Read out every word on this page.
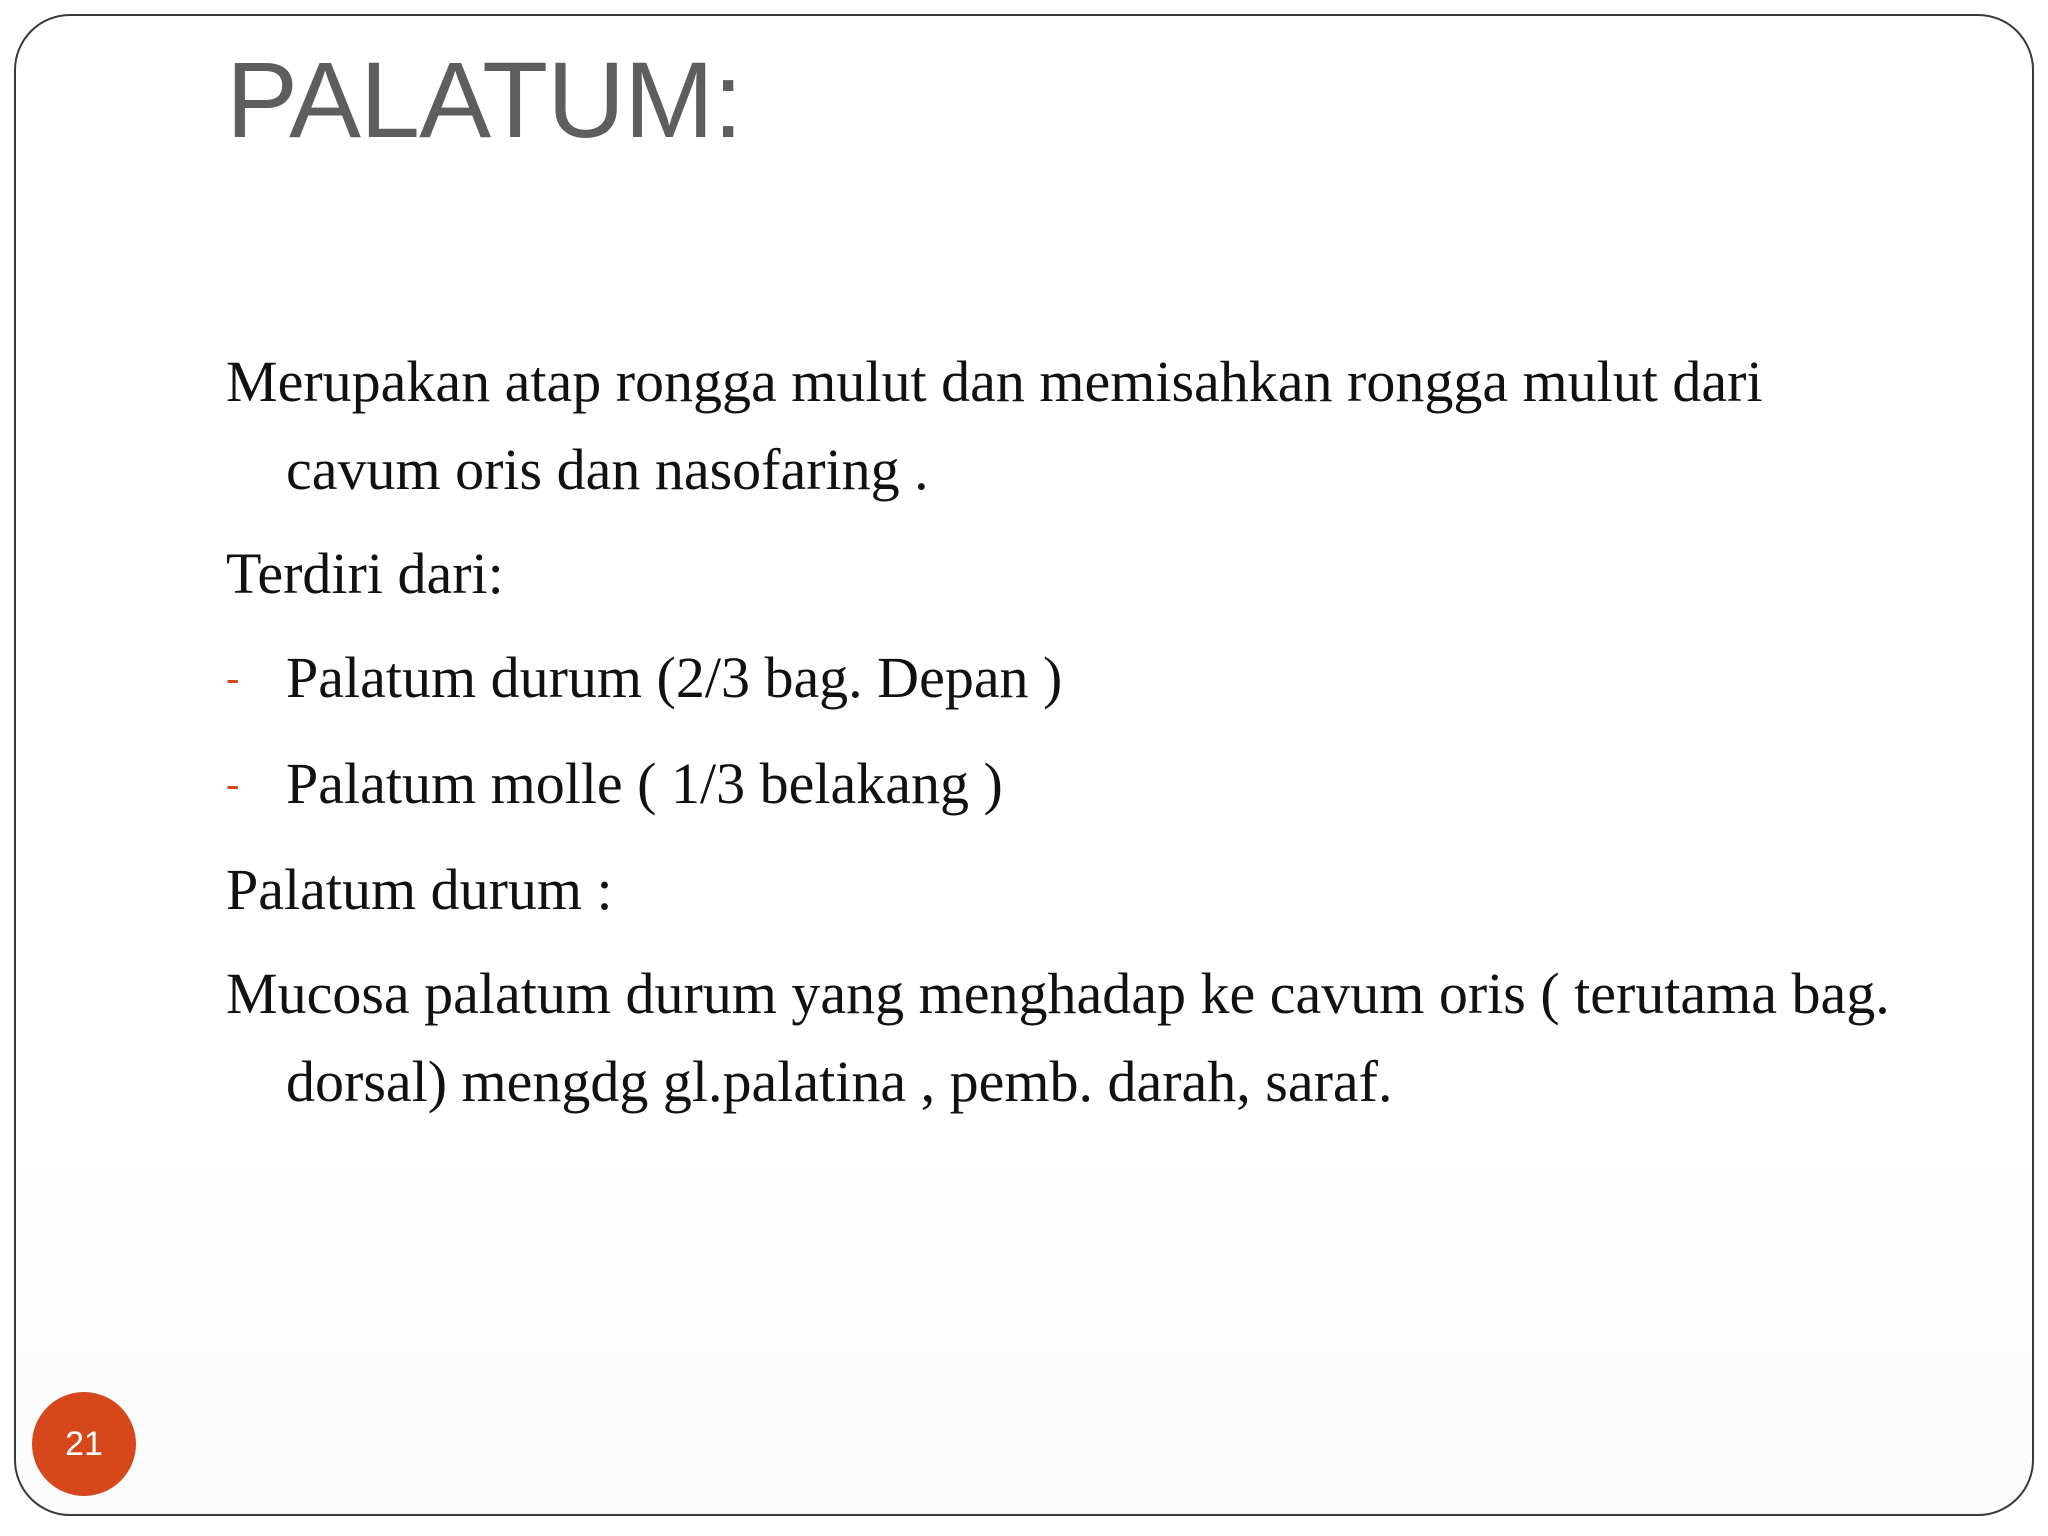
PALATUM:

Merupakan atap rongga mulut dan memisahkan rongga mulut dari cavum oris dan nasofaring .

Terdiri dari:

- Palatum durum (2/3 bag. Depan )
- Palatum molle ( 1/3 belakang )

Palatum durum :

Mucosa palatum durum yang menghadap ke cavum oris ( terutama bag. dorsal) mengdg gl.palatina , pemb. darah, saraf.

21
